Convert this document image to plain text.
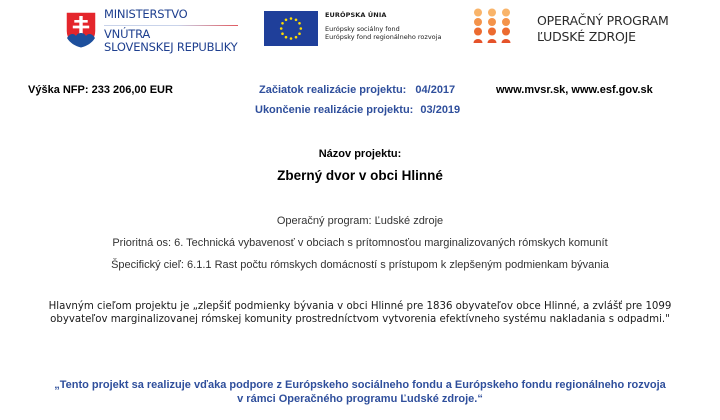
MINISTERSTVO
VNÚTRA
SLOVENSKEJ REPUBLIKY
EURÓPSKA ÚNIA
Európsky sociálny fond
Európsky fond regionálneho rozvoja
OPERAČNÝ PROGRAM
ĽUDSKÉ ZDROJE
Výška NFP: 233 206,00 EUR	Začiatok realizácie projektu: 04/2017
Ukončenie realizácie projektu: 03/2019
www.mvsr.sk, www.esf.gov.sk
Názov projektu:
Zberný dvor v obci Hlinné
Operačný program: Ľudské zdroje
Prioritná os: 6. Technická vybavenosť v obciach s prítomnosťou marginalizovaných rómskych komunít
Špecifický cieľ: 6.1.1 Rast počtu rómskych domácností s prístupom k zlepšeným podmienkam bývania
Hlavným cieľom projektu je „zlepšiť podmienky bývania v obci Hlinné pre 1836 obyvateľov obce Hlinné, a zvlášť pre 1099
obyvateľov marginalizovanej rómskej komunity prostredníctvom vytvorenia efektívneho systému nakladania s odpadmi."
„Tento projekt sa realizuje vďaka podpore z Európskeho sociálneho fondu a Európskeho fondu regionálneho rozvoja
v rámci Operačného programu Ľudské zdroje.“
